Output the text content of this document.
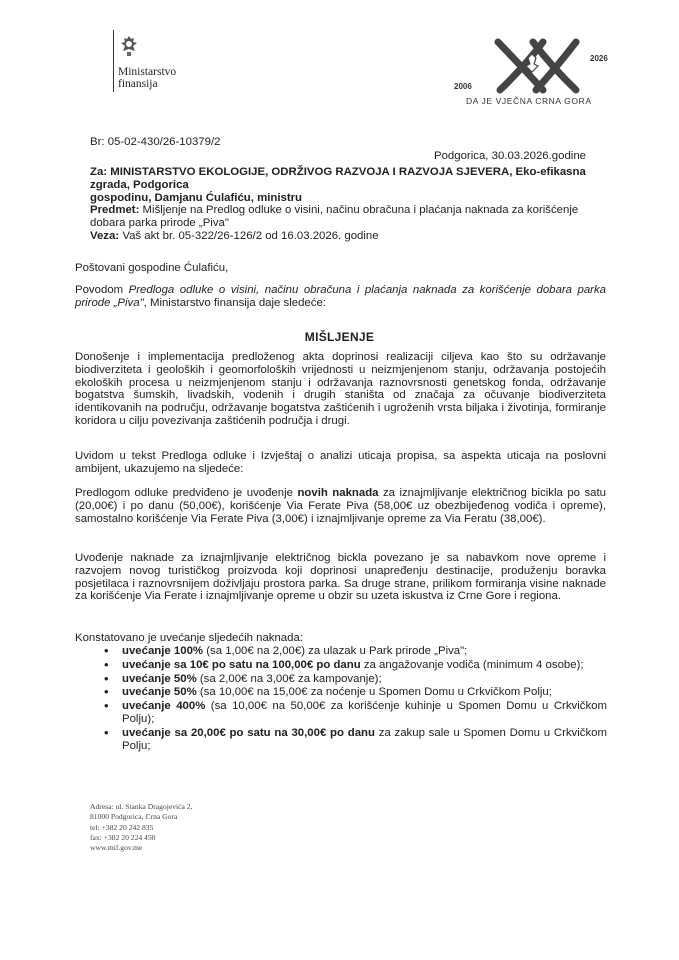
Ministarstvo
finansija	2006
2026
DA JE VJEČNA CRNA GORA
Br: 05-02-430/26-10379/2
Podgorica, 30.03.2026.godine
Za: MINISTARSTVO EKOLOGIJE, ODRŽIVOG RAZVOJA I RAZVOJA SJEVERA, Eko-efikasna
zgrada, Podgorica
gospodinu, Damjanu Ćulafiću, ministru
Predmet: Mišljenje na Predlog odluke o visini, načinu obračuna i plaćanja naknada za korišćenje
dobara parka prirode „Piva"
Veza: Vaš akt br. 05-322/26-126/2 od 16.03.2026. godine
Poštovani gospodine Ćulafiću,
Povodom Predloga odluke o visini, načinu obračuna i plaćanja naknada za korišćenje dobara parka prirode „Piva", Ministarstvo finansija daje sledeće:
MIŠLJENJE
Donošenje i implementacija predloženog akta doprinosi realizaciji ciljeva kao što su održavanje biodiverziteta i geoloških i geomorfoloških vrijednosti u neizmjenjenom stanju, održavanja postojećih ekoloških procesa u neizmjenjenom stanju i održavanja raznovrsnosti genetskog fonda, održavanje bogatstva šumskih, livadskih, vodenih i drugih staništa od značaja za očuvanje biodiverziteta identikovanih na području, održavanje bogatstva zaštićenih i ugroženih vrsta biljaka i životinja, formiranje koridora u cilju povezivanja zaštićenih područja i drugi.
Uvidom u tekst Predloga odluke i Izvještaj o analizi uticaja propisa, sa aspekta uticaja na poslovni ambijent, ukazujemo na sljedeće:
Predlogom odluke predviđeno je uvođenje novih naknada za iznajmljivanje električnog bicikla po satu (20,00€) i po danu (50,00€), korišćenje Via Ferate Piva (58,00€ uz obezbijeđenog vodiča i opreme), samostalno korišćenje Via Ferate Piva (3,00€) i iznajmljivanje opreme za Via Feratu (38,00€).
Uvođenje naknade za iznajmljivanje električnog bickla povezano je sa nabavkom nove opreme i razvojem novog turističkog proizvoda koji doprinosi unapređenju destinacije, produženju boravka posjetilaca i raznovrsnijem doživljaju prostora parka. Sa druge strane, prilikom formiranja visine naknade za korišćenje Via Ferate i iznajmljivanje opreme u obzir su uzeta iskustva iz Crne Gore i regiona.
Konstatovano je uvećanje sljedećih naknada:
• uvećanje 100% (sa 1,00€ na 2,00€) za ulazak u Park prirode „Piva";
• uvećanje sa 10€ po satu na 100,00€ po danu za angažovanje vodiča (minimum 4 osobe);
• uvećanje 50% (sa 2,00€ na 3,00€ za kampovanje);
• uvećanje 50% (sa 10,00€ na 15,00€ za noćenje u Spomen Domu u Crkvičkom Polju;
• uvećanje 400% (sa 10,00€ na 50,00€ za korišćenje kuhinje u Spomen Domu u Crkvičkom Polju);
• uvećanje sa 20,00€ po satu na 30,00€ po danu za zakup sale u Spomen Domu u Crkvičkom Polju;
Adresa: ul. Stanka Dragojevića 2,
81000 Podgorica, Crna Gora
tel: +382 20 242 835
fax: +382 20 224 450
www.mif.gov.me
